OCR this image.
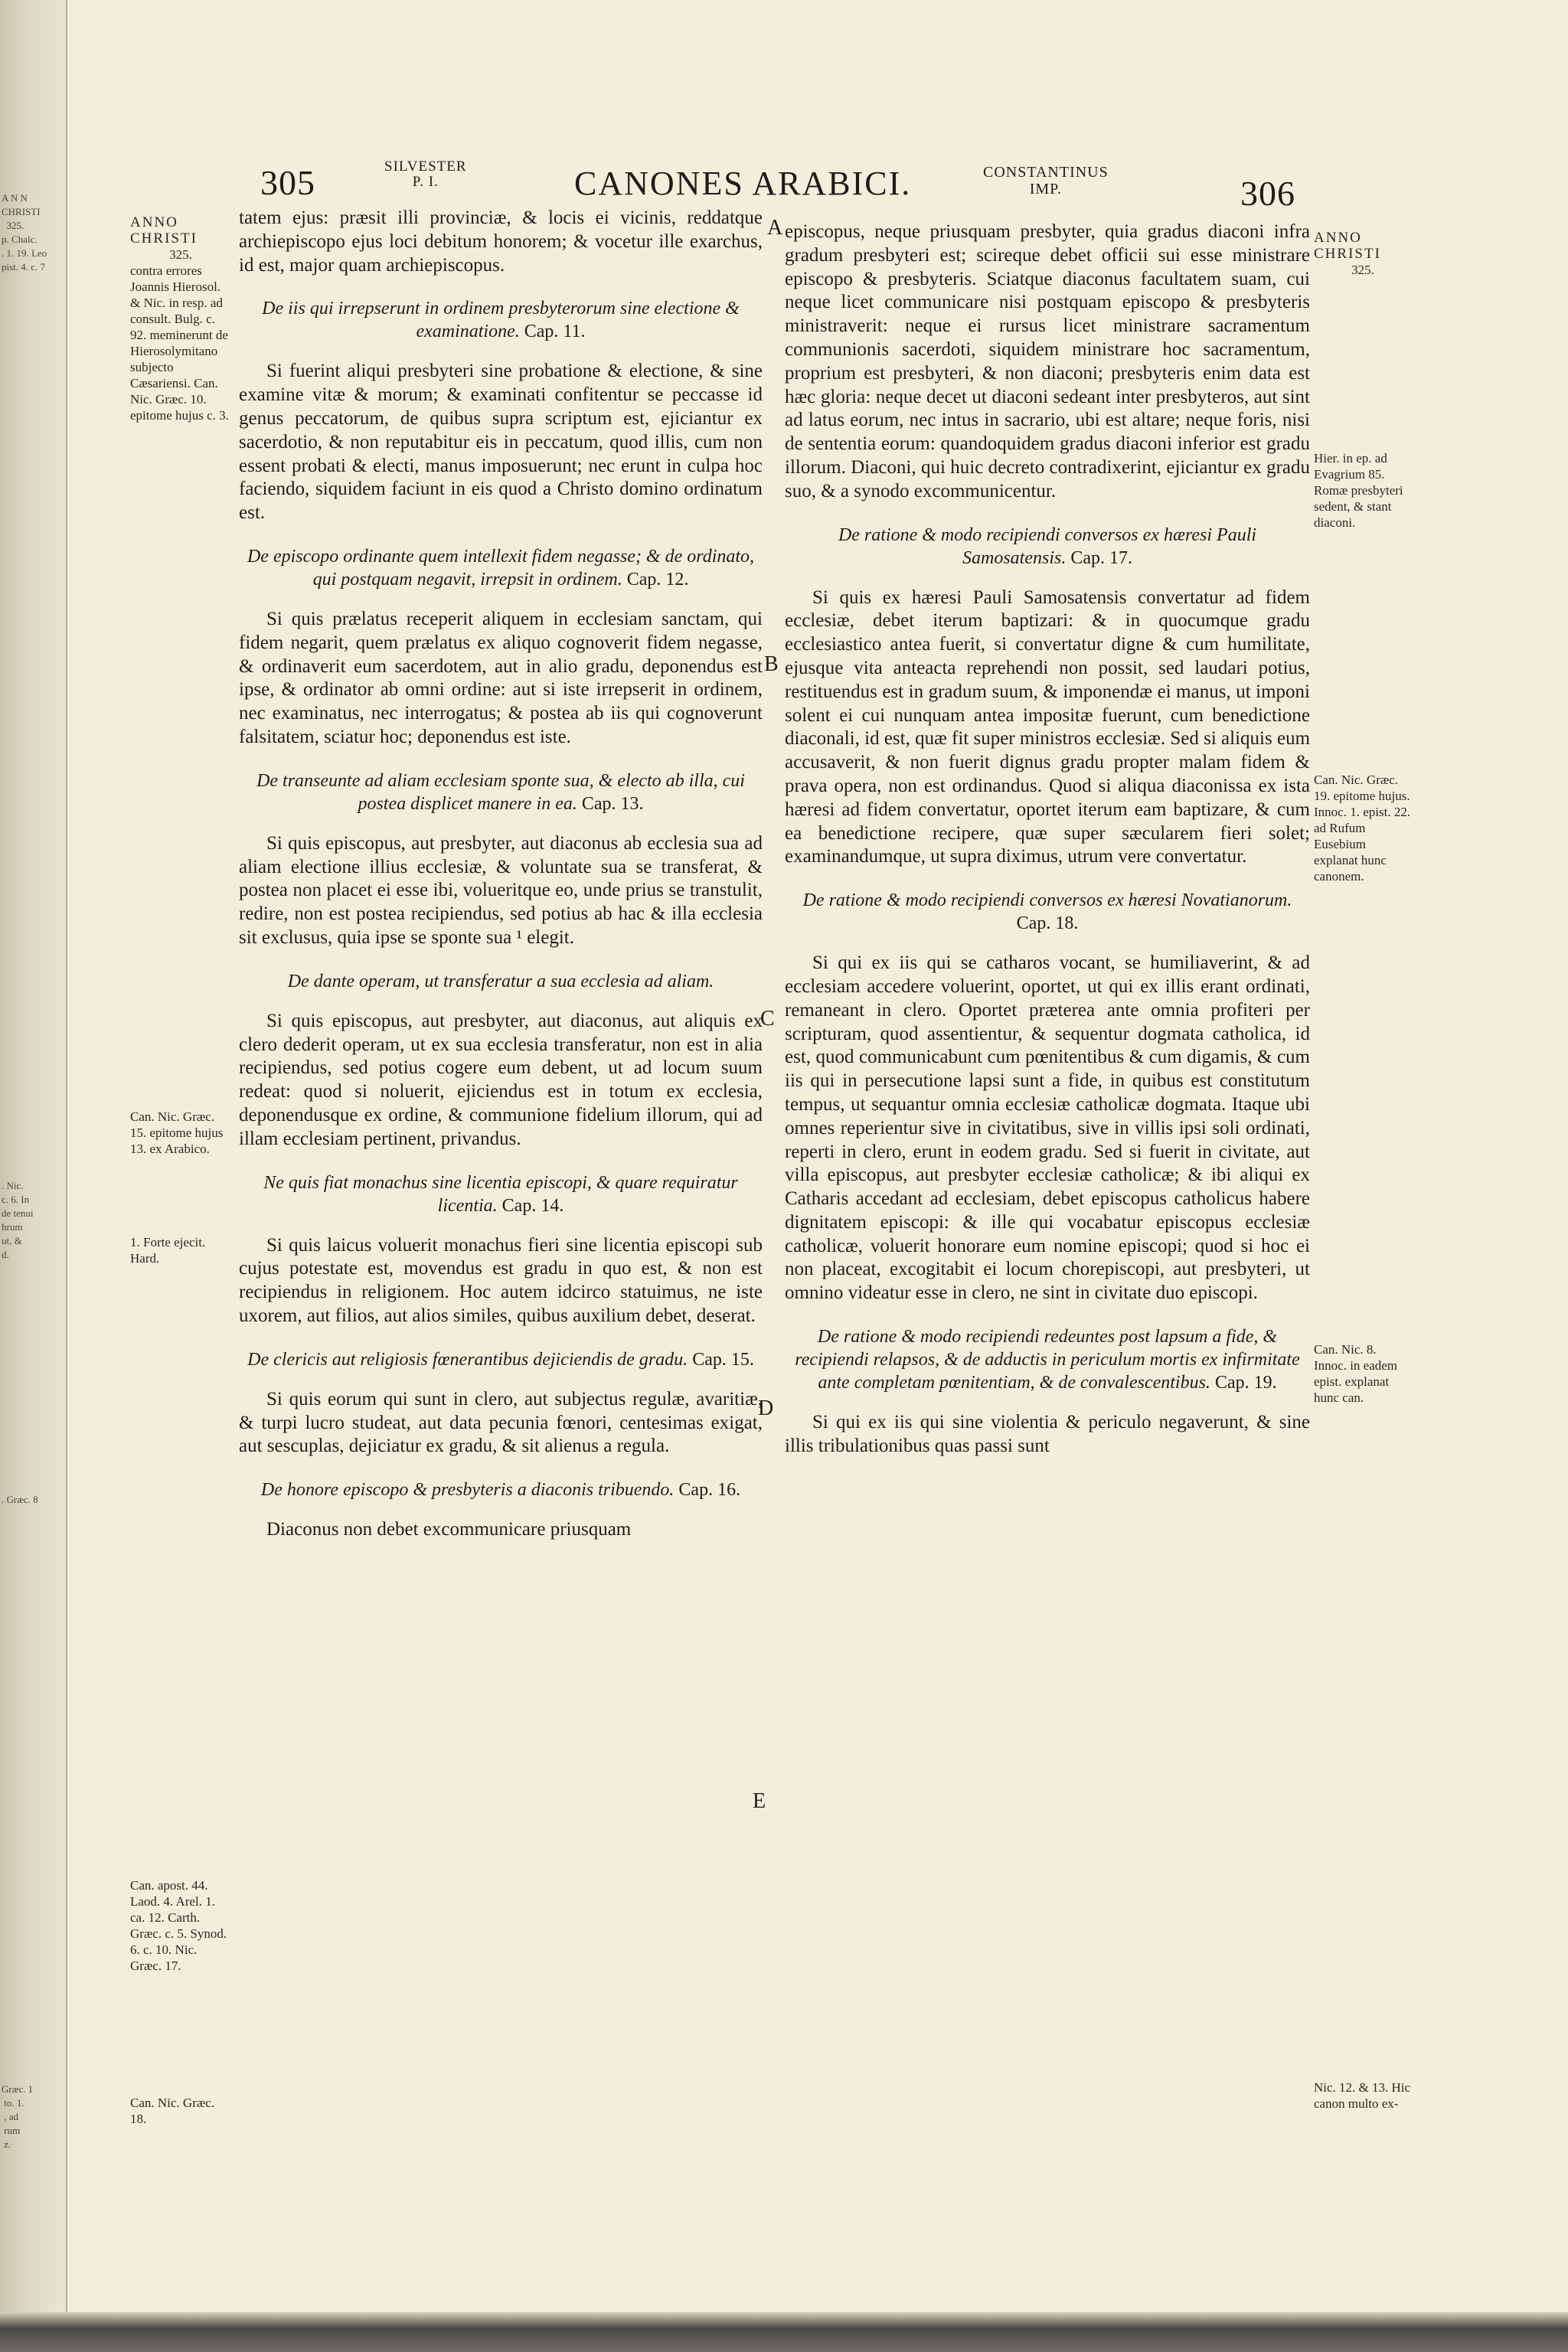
A N N
CHRISTI
325.
p. Chalc.
. 1. 19. Leo
pist. 4. c. 7
. Nic.
c. 6. In
de tenui
hrum
ut, &
d.
. Græc. 8
Græc. 1
to. 1.
, ad
rum
z.
305	SILVESTER
P. I.	CANONES ARABICI.	CONSTANTINUS
IMP.	306
A
B
C
D
E
ANNO
CHRISTI
325.
contra errores Joannis Hierosol. & Nic. in resp. ad consult. Bulg. c. 92. meminerunt de Hierosolymitano subjecto Cæsariensi. Can. Nic. Græc. 10. epitome hujus c. 3.
Can. Nic. Græc. 15. epitome hujus 13. ex Arabico.
1. Forte ejecit. Hard.
Can. apost. 44. Laod. 4. Arel. 1. ca. 12. Carth. Græc. c. 5. Synod. 6. c. 10. Nic. Græc. 17.
Can. Nic. Græc. 18.
ANNO
CHRISTI
325.
Hier. in ep. ad Evagrium 85. Romæ presbyteri sedent, & stant diaconi.
Can. Nic. Græc. 19. epitome hujus. Innoc. 1. epist. 22. ad Rufum Eusebium explanat hunc canonem.
Can. Nic. 8. Innoc. in eadem epist. explanat hunc can.
Nic. 12. & 13. Hic canon multo ex-

tatem ejus: præsit illi provinciæ, & locis ei vicinis, reddatque archiepiscopo ejus loci debitum honorem; & vocetur ille exarchus, id est, major quam archiepiscopus.

De iis qui irrepserunt in ordinem presbyterorum sine electione & examinatione. Cap. 11.

Si fuerint aliqui presbyteri sine probatione & electione, & sine examine vitæ & morum; & examinati confitentur se peccasse id genus peccatorum, de quibus supra scriptum est, ejiciantur ex sacerdotio, & non reputabitur eis in peccatum, quod illis, cum non essent probati & electi, manus imposuerunt; nec erunt in culpa hoc faciendo, siquidem faciunt in eis quod a Christo domino ordinatum est.

De episcopo ordinante quem intellexit fidem negasse; & de ordinato, qui postquam negavit, irrepsit in ordinem. Cap. 12.

Si quis prælatus receperit aliquem in ecclesiam sanctam, qui fidem negarit, quem prælatus ex aliquo cognoverit fidem negasse, & ordinaverit eum sacerdotem, aut in alio gradu, deponendus est ipse, & ordinator ab omni ordine: aut si iste irrepserit in ordinem, nec examinatus, nec interrogatus; & postea ab iis qui cognoverunt falsitatem, sciatur hoc; deponendus est iste.

De transeunte ad aliam ecclesiam sponte sua, & electo ab illa, cui postea displicet manere in ea. Cap. 13.

Si quis episcopus, aut presbyter, aut diaconus ab ecclesia sua ad aliam electione illius ecclesiæ, & voluntate sua se transferat, & postea non placet ei esse ibi, volueritque eo, unde prius se transtulit, redire, non est postea recipiendus, sed potius ab hac & illa ecclesia sit exclusus, quia ipse se sponte sua ¹ elegit.

De dante operam, ut transferatur a sua ecclesia ad aliam.

Si quis episcopus, aut presbyter, aut diaconus, aut aliquis ex clero dederit operam, ut ex sua ecclesia transferatur, non est in alia recipiendus, sed potius cogere eum debent, ut ad locum suum redeat: quod si noluerit, ejiciendus est in totum ex ecclesia, deponendusque ex ordine, & communione fidelium illorum, qui ad illam ecclesiam pertinent, privandus.

Ne quis fiat monachus sine licentia episcopi, & quare requiratur licentia. Cap. 14.

Si quis laicus voluerit monachus fieri sine licentia episcopi sub cujus potestate est, movendus est gradu in quo est, & non est recipiendus in religionem. Hoc autem idcirco statuimus, ne iste uxorem, aut filios, aut alios similes, quibus auxilium debet, deserat.

De clericis aut religiosis fœnerantibus dejiciendis de gradu. Cap. 15.

Si quis eorum qui sunt in clero, aut subjectus regulæ, avaritiæ, & turpi lucro studeat, aut data pecunia fœnori, centesimas exigat, aut sescuplas, dejiciatur ex gradu, & sit alienus a regula.

De honore episcopo & presbyteris a diaconis tribuendo. Cap. 16.

Diaconus non debet excommunicare priusquam

episcopus, neque priusquam presbyter, quia gradus diaconi infra gradum presbyteri est; scireque debet officii sui esse ministrare episcopo & presbyteris. Sciatque diaconus facultatem suam, cui neque licet communicare nisi postquam episcopo & presbyteris ministraverit: neque ei rursus licet ministrare sacramentum communionis sacerdoti, siquidem ministrare hoc sacramentum, proprium est presbyteri, & non diaconi; presbyteris enim data est hæc gloria: neque decet ut diaconi sedeant inter presbyteros, aut sint ad latus eorum, nec intus in sacrario, ubi est altare; neque foris, nisi de sententia eorum: quandoquidem gradus diaconi inferior est gradu illorum. Diaconi, qui huic decreto contradixerint, ejiciantur ex gradu suo, & a synodo excommunicentur.

De ratione & modo recipiendi conversos ex hæresi Pauli Samosatensis. Cap. 17.

Si quis ex hæresi Pauli Samosatensis convertatur ad fidem ecclesiæ, debet iterum baptizari: & in quocumque gradu ecclesiastico antea fuerit, si convertatur digne & cum humilitate, ejusque vita anteacta reprehendi non possit, sed laudari potius, restituendus est in gradum suum, & imponendæ ei manus, ut imponi solent ei cui nunquam antea impositæ fuerunt, cum benedictione diaconali, id est, quæ fit super ministros ecclesiæ. Sed si aliquis eum accusaverit, & non fuerit dignus gradu propter malam fidem & prava opera, non est ordinandus. Quod si aliqua diaconissa ex ista hæresi ad fidem convertatur, oportet iterum eam baptizare, & cum ea benedictione recipere, quæ super sæcularem fieri solet; examinandumque, ut supra diximus, utrum vere convertatur.

De ratione & modo recipiendi conversos ex hæresi Novatianorum. Cap. 18.

Si qui ex iis qui se catharos vocant, se humiliaverint, & ad ecclesiam accedere voluerint, oportet, ut qui ex illis erant ordinati, remaneant in clero. Oportet præterea ante omnia profiteri per scripturam, quod assentientur, & sequentur dogmata catholica, id est, quod communicabunt cum pœnitentibus & cum digamis, & cum iis qui in persecutione lapsi sunt a fide, in quibus est constitutum tempus, ut sequantur omnia ecclesiæ catholicæ dogmata. Itaque ubi omnes reperientur sive in civitatibus, sive in villis ipsi soli ordinati, reperti in clero, erunt in eodem gradu. Sed si fuerit in civitate, aut villa episcopus, aut presbyter ecclesiæ catholicæ; & ibi aliqui ex Catharis accedant ad ecclesiam, debet episcopus catholicus habere dignitatem episcopi: & ille qui vocabatur episcopus ecclesiæ catholicæ, voluerit honorare eum nomine episcopi; quod si hoc ei non placeat, excogitabit ei locum chorepiscopi, aut presbyteri, ut omnino videatur esse in clero, ne sint in civitate duo episcopi.

De ratione & modo recipiendi redeuntes post lapsum a fide, & recipiendi relapsos, & de adductis in periculum mortis ex infirmitate ante completam pœnitentiam, & de convalescentibus. Cap. 19.

Si qui ex iis qui sine violentia & periculo negaverunt, & sine illis tribulationibus quas passi sunt
